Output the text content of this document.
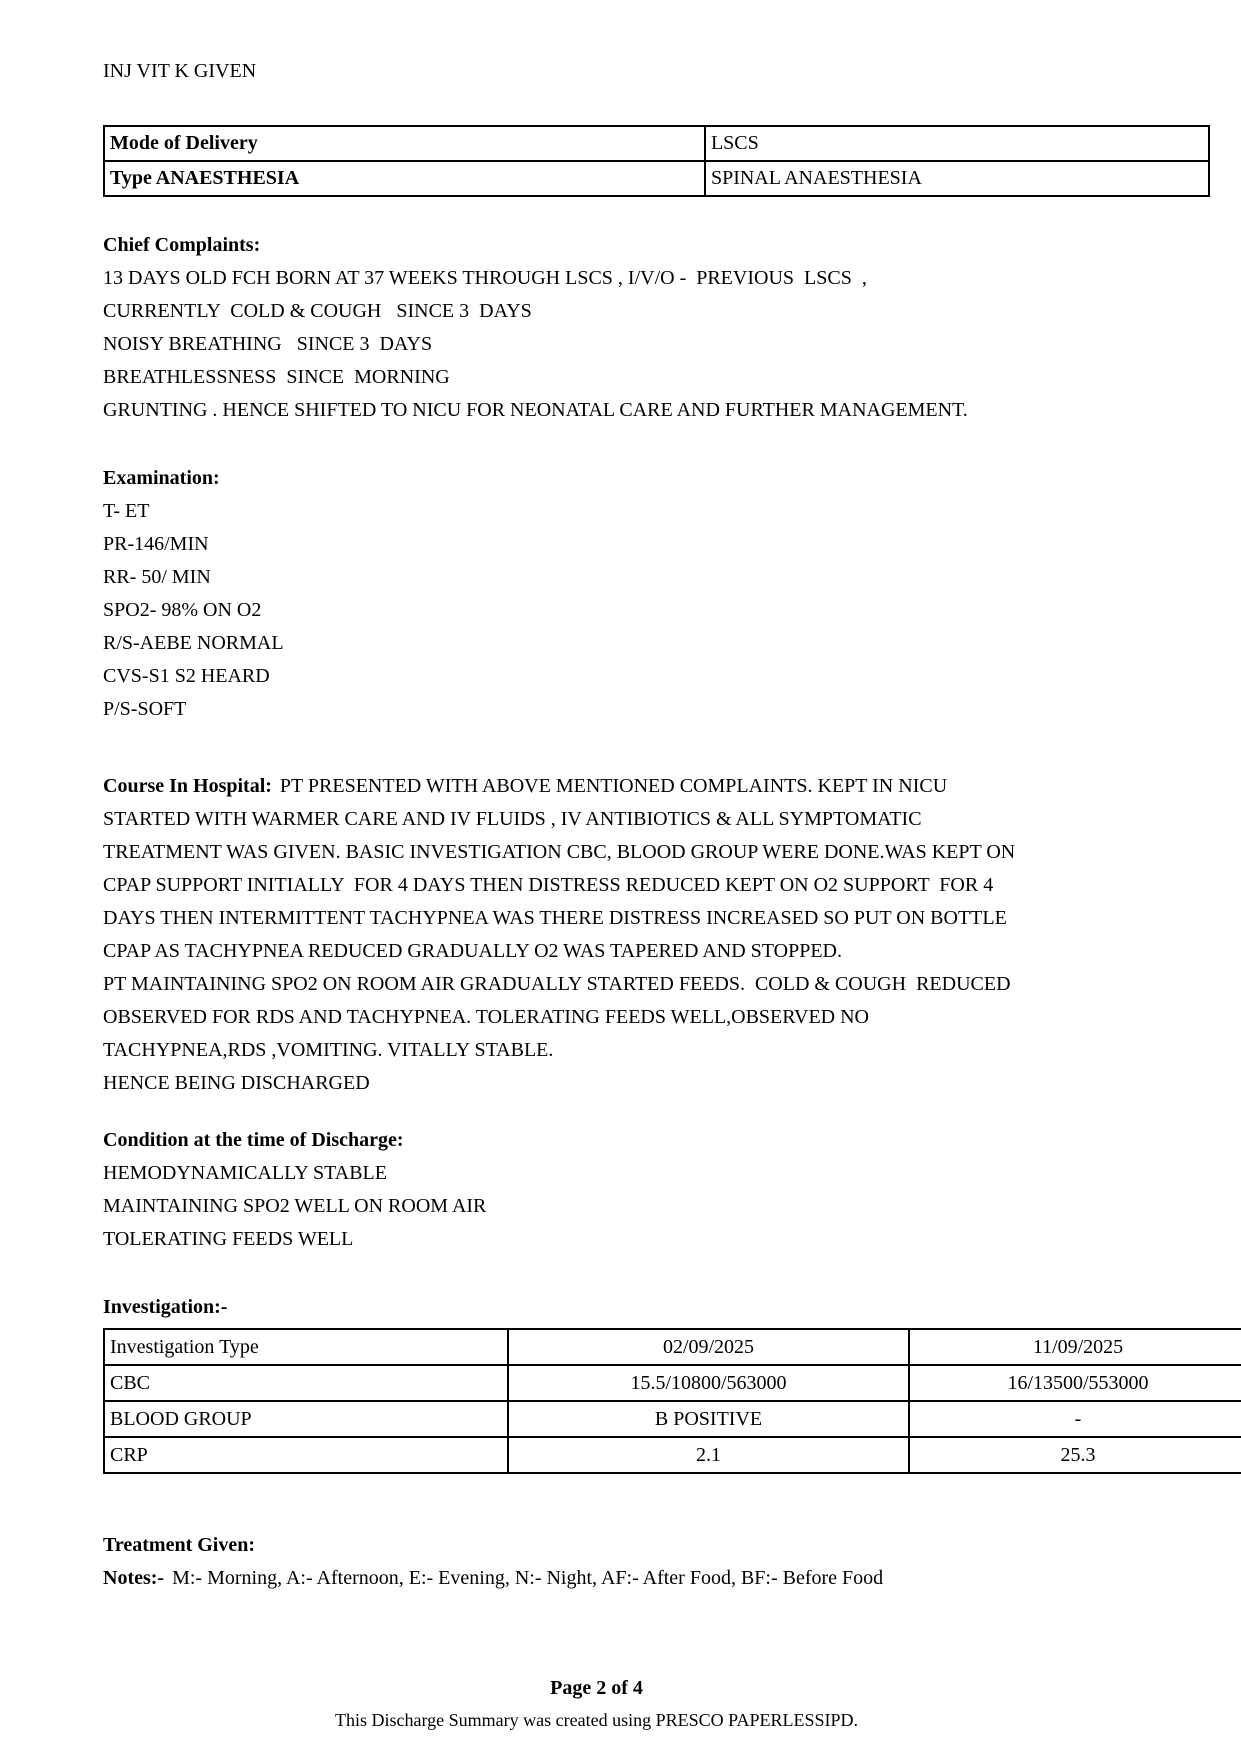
INJ VIT K GIVEN
Mode of Delivery	LSCS
Type ANAESTHESIA	SPINAL ANAESTHESIA
Chief Complaints:
13 DAYS OLD FCH BORN AT 37 WEEKS THROUGH LSCS , I/V/O -  PREVIOUS  LSCS  ,
CURRENTLY  COLD & COUGH   SINCE 3  DAYS
NOISY BREATHING   SINCE 3  DAYS
BREATHLESSNESS  SINCE  MORNING
GRUNTING . HENCE SHIFTED TO NICU FOR NEONATAL CARE AND FURTHER MANAGEMENT.
Examination:
T- ET
PR-146/MIN
RR- 50/ MIN
SPO2- 98% ON O2
R/S-AEBE NORMAL
CVS-S1 S2 HEARD
P/S-SOFT
Course In Hospital: PT PRESENTED WITH ABOVE MENTIONED COMPLAINTS. KEPT IN NICU
STARTED WITH WARMER CARE AND IV FLUIDS , IV ANTIBIOTICS & ALL SYMPTOMATIC
TREATMENT WAS GIVEN. BASIC INVESTIGATION CBC, BLOOD GROUP WERE DONE.WAS KEPT ON
CPAP SUPPORT INITIALLY  FOR 4 DAYS THEN DISTRESS REDUCED KEPT ON O2 SUPPORT  FOR 4
DAYS THEN INTERMITTENT TACHYPNEA WAS THERE DISTRESS INCREASED SO PUT ON BOTTLE
CPAP AS TACHYPNEA REDUCED GRADUALLY O2 WAS TAPERED AND STOPPED.
PT MAINTAINING SPO2 ON ROOM AIR GRADUALLY STARTED FEEDS.  COLD & COUGH  REDUCED
OBSERVED FOR RDS AND TACHYPNEA. TOLERATING FEEDS WELL,OBSERVED NO
TACHYPNEA,RDS ,VOMITING. VITALLY STABLE.
HENCE BEING DISCHARGED
Condition at the time of Discharge:
HEMODYNAMICALLY STABLE
MAINTAINING SPO2 WELL ON ROOM AIR
TOLERATING FEEDS WELL
Investigation:-
Investigation Type	02/09/2025	11/09/2025
CBC	15.5/10800/563000	16/13500/553000
BLOOD GROUP	B POSITIVE	-
CRP	2.1	25.3
Treatment Given:
Notes:- M:- Morning, A:- Afternoon, E:- Evening, N:- Night, AF:- After Food, BF:- Before Food
Page 2 of 4
This Discharge Summary was created using PRESCO PAPERLESSIPD.
